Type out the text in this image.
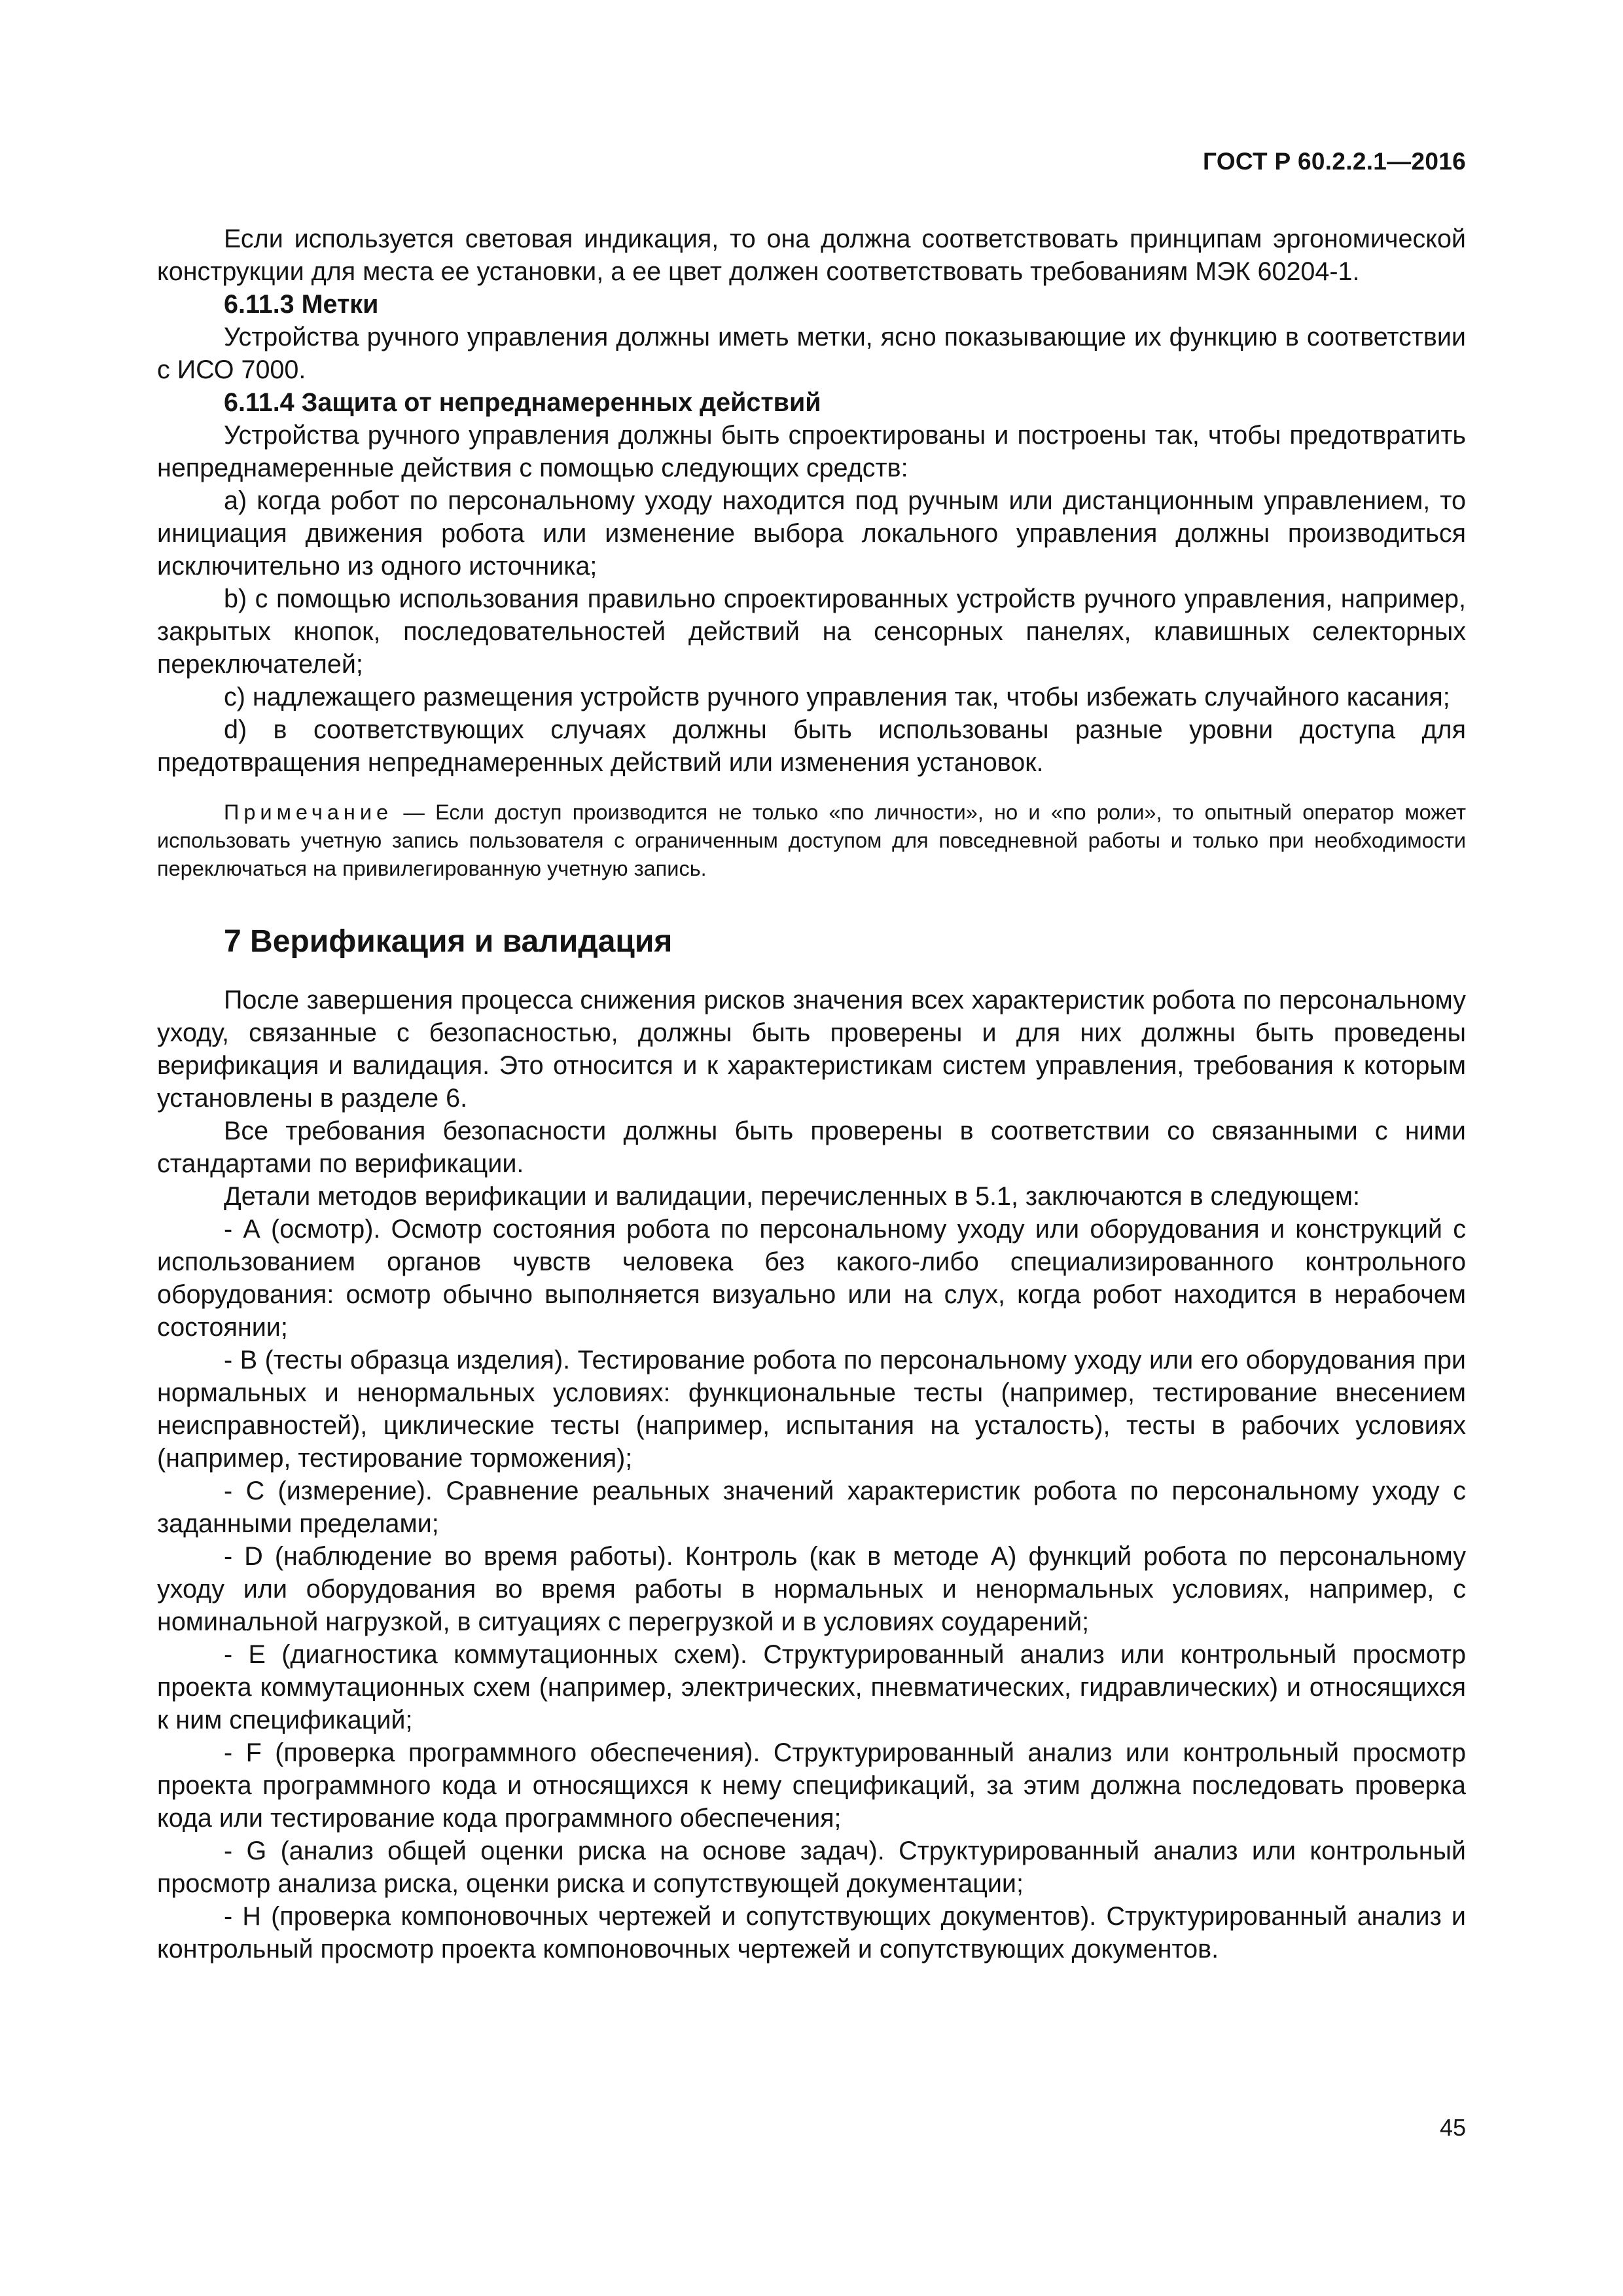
ГОСТ Р 60.2.2.1—2016

Если используется световая индикация, то она должна соответствовать принципам эргономической конструкции для места ее установки, а ее цвет должен соответствовать требованиям МЭК 60204-1.

6.11.3 Метки

Устройства ручного управления должны иметь метки, ясно показывающие их функцию в соответствии с ИСО 7000.

6.11.4 Защита от непреднамеренных действий

Устройства ручного управления должны быть спроектированы и построены так, чтобы предотвратить непреднамеренные действия с помощью следующих средств:

a) когда робот по персональному уходу находится под ручным или дистанционным управлением, то инициация движения робота или изменение выбора локального управления должны производиться исключительно из одного источника;

b) с помощью использования правильно спроектированных устройств ручного управления, например, закрытых кнопок, последовательностей действий на сенсорных панелях, клавишных селекторных переключателей;

c) надлежащего размещения устройств ручного управления так, чтобы избежать случайного касания;

d) в соответствующих случаях должны быть использованы разные уровни доступа для предотвращения непреднамеренных действий или изменения установок.

Примечание — Если доступ производится не только «по личности», но и «по роли», то опытный оператор может использовать учетную запись пользователя с ограниченным доступом для повседневной работы и только при необходимости переключаться на привилегированную учетную запись.

7 Верификация и валидация

После завершения процесса снижения рисков значения всех характеристик робота по персональному уходу, связанные с безопасностью, должны быть проверены и для них должны быть проведены верификация и валидация. Это относится и к характеристикам систем управления, требования к которым установлены в разделе 6.

Все требования безопасности должны быть проверены в соответствии со связанными с ними стандартами по верификации.

Детали методов верификации и валидации, перечисленных в 5.1, заключаются в следующем:

- А (осмотр). Осмотр состояния робота по персональному уходу или оборудования и конструкций с использованием органов чувств человека без какого-либо специализированного контрольного оборудования: осмотр обычно выполняется визуально или на слух, когда робот находится в нерабочем состоянии;

- В (тесты образца изделия). Тестирование робота по персональному уходу или его оборудования при нормальных и ненормальных условиях: функциональные тесты (например, тестирование внесением неисправностей), циклические тесты (например, испытания на усталость), тесты в рабочих условиях (например, тестирование торможения);

- С (измерение). Сравнение реальных значений характеристик робота по персональному уходу с заданными пределами;

- D (наблюдение во время работы). Контроль (как в методе А) функций робота по персональному уходу или оборудования во время работы в нормальных и ненормальных условиях, например, с номинальной нагрузкой, в ситуациях с перегрузкой и в условиях соударений;

- Е (диагностика коммутационных схем). Структурированный анализ или контрольный просмотр проекта коммутационных схем (например, электрических, пневматических, гидравлических) и относящихся к ним спецификаций;

- F (проверка программного обеспечения). Структурированный анализ или контрольный просмотр проекта программного кода и относящихся к нему спецификаций, за этим должна последовать проверка кода или тестирование кода программного обеспечения;

- G (анализ общей оценки риска на основе задач). Структурированный анализ или контрольный просмотр анализа риска, оценки риска и сопутствующей документации;

- Н (проверка компоновочных чертежей и сопутствующих документов). Структурированный анализ и контрольный просмотр проекта компоновочных чертежей и сопутствующих документов.

45
